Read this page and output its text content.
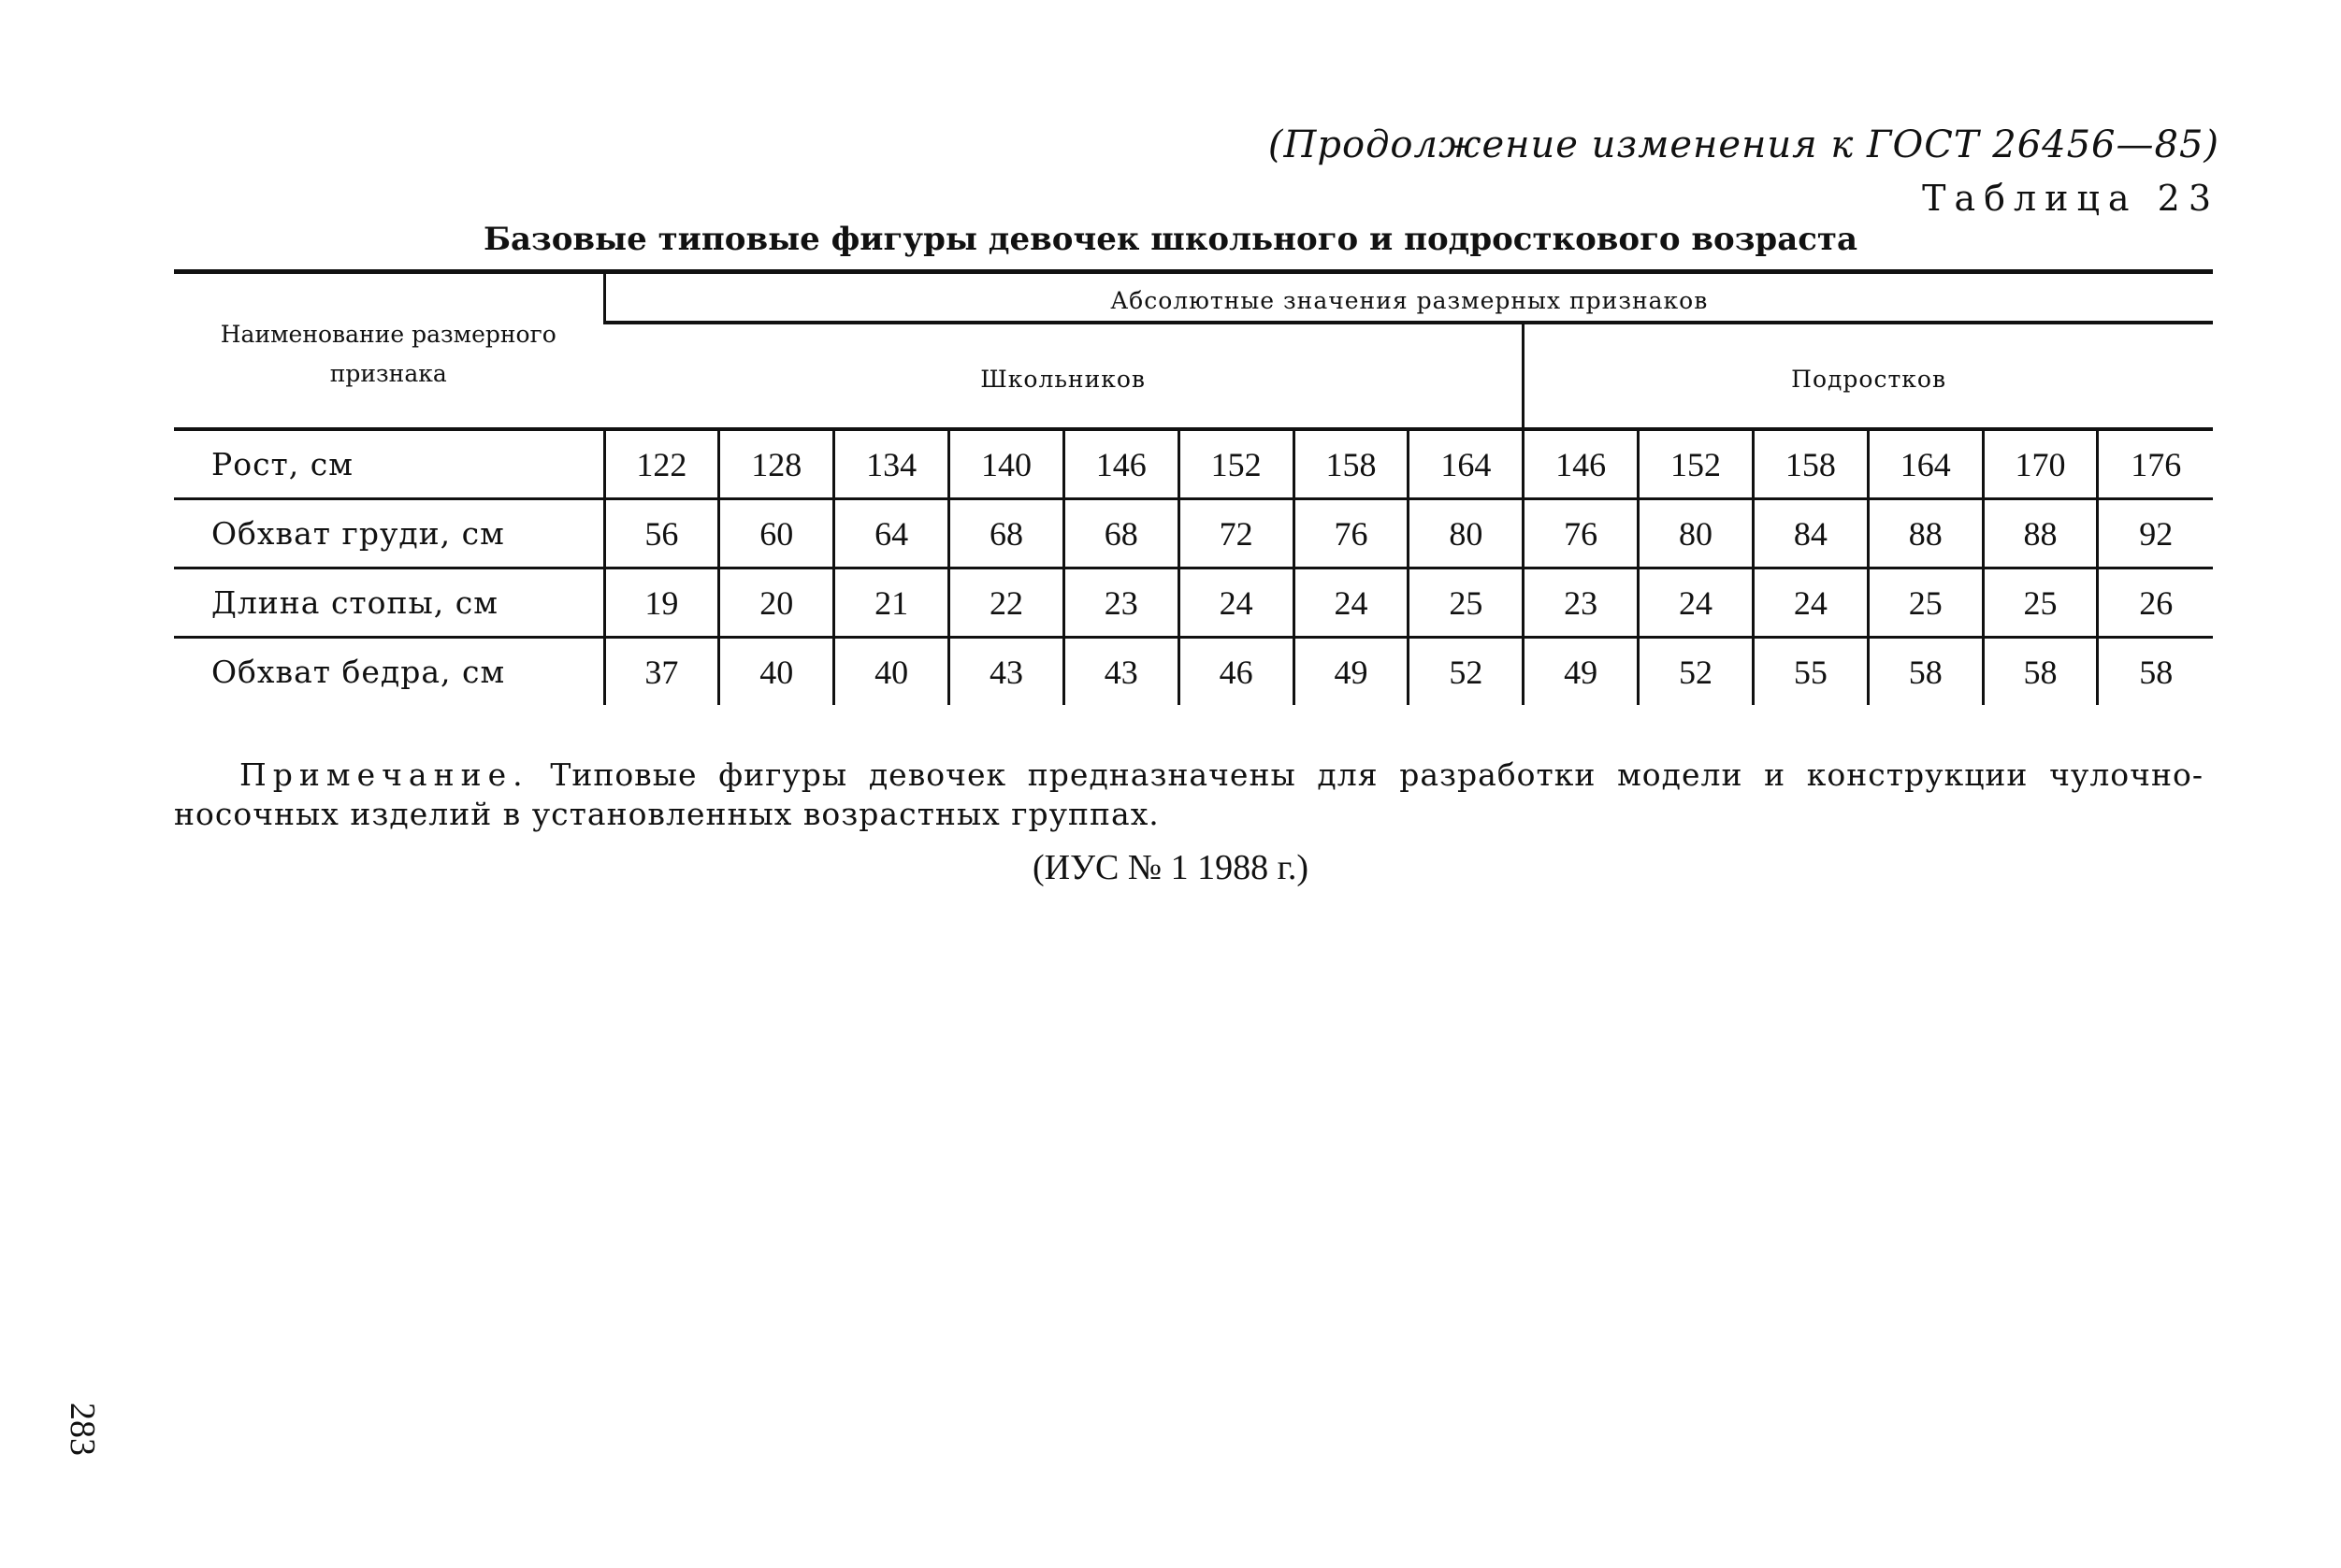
(Продолжение изменения к ГОСТ 26456—85)
Таблица 23
Базовые типовые фигуры девочек школьного и подросткового возраста
Наименование размерного признака	Абсолютные значения размерных признаков													
	Школьников								Подростков					
Рост, см	122	128	134	140	146	152	158	164	146	152	158	164	170	176
Обхват груди, см	56	60	64	68	68	72	76	80	76	80	84	88	88	92
Длина стопы, см	19	20	21	22	23	24	24	25	23	24	24	25	25	26
Обхват бедра, см	37	40	40	43	43	46	49	52	49	52	55	58	58	58
Примечание. Типовые фигуры девочек предназначены для разработки модели и конструкции чулочно-носочных изделий в установленных возрастных группах.
(ИУС № 1 1988 г.)
283
